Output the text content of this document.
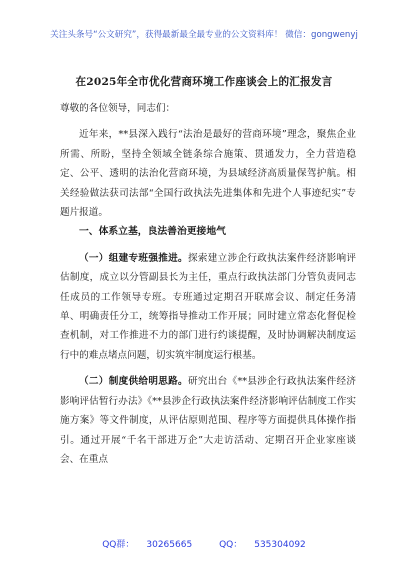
关注头条号“公文研究”，获得最新最全最专业的公文资料库！ 微信：gongwenyj
在2025年全市优化营商环境工作座谈会上的汇报发言

尊敬的各位领导，同志们：

近年来，**县深入践行“法治是最好的营商环境”理念，聚焦企业所需、所盼，坚持全领域全链条综合施策、贯通发力，全力营造稳定、公平、透明的法治化营商环境，为县域经济高质量保驾护航。相关经验做法获司法部“全国行政执法先进集体和先进个人事迹纪实”专题片报道。

一、体系立基，良法善治更接地气

（一）组建专班强推进。探索建立涉企行政执法案件经济影响评估制度，成立以分管副县长为主任，重点行政执法部门分管负责同志任成员的工作领导专班。专班通过定期召开联席会议、制定任务清单、明确责任分工，统筹指导推动工作开展；同时建立常态化督促检查机制，对工作推进不力的部门进行约谈提醒，及时协调解决制度运行中的难点堵点问题，切实筑牢制度运行根基。

（二）制度供给明思路。研究出台《**县涉企行政执法案件经济影响评估暂行办法》《**县涉企行政执法案件经济影响评估制度工作实施方案》等文件制度，从评估原则范围、程序等方面提供具体操作指引。通过开展“千名干部进万企”大走访活动、定期召开企业家座谈会、在重点

QQ群： 30265665	QQ： 535304092
